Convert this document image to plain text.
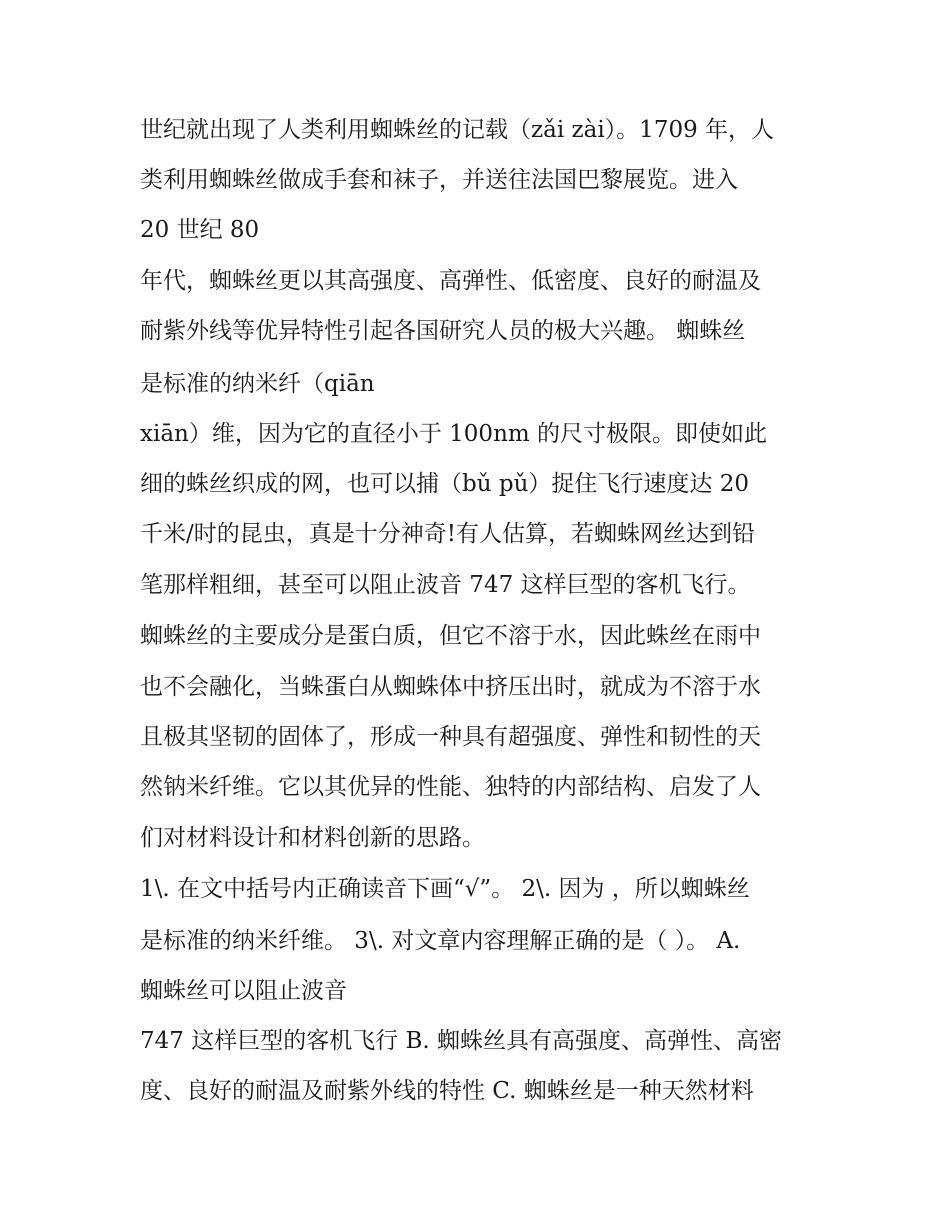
世纪就出现了人类利用蜘蛛丝的记载（zǎi zài）。1709 年，人
类利用蜘蛛丝做成手套和袜子，并送往法国巴黎展览。进入
20 世纪 80
年代，蜘蛛丝更以其高强度、高弹性、低密度、良好的耐温及
耐紫外线等优异特性引起各国研究人员的极大兴趣。 蜘蛛丝
是标准的纳米纤（qiān
xiān）维，因为它的直径小于 100nm 的尺寸极限。即使如此
细的蛛丝织成的网，也可以捕（bǔ pǔ）捉住飞行速度达 20
千米/时的昆虫，真是十分神奇!有人估算，若蜘蛛网丝达到铅
笔那样粗细，甚至可以阻止波音 747 这样巨型的客机飞行。
蜘蛛丝的主要成分是蛋白质，但它不溶于水，因此蛛丝在雨中
也不会融化，当蛛蛋白从蜘蛛体中挤压出时，就成为不溶于水
且极其坚韧的固体了，形成一种具有超强度、弹性和韧性的天
然钠米纤维。它以其优异的性能、独特的内部结构、启发了人
们对材料设计和材料创新的思路。
1\. 在文中括号内正确读音下画“√”。 2\. 因为 ，所以蜘蛛丝
是标准的纳米纤维。 3\. 对文章内容理解正确的是（ ）。 A.
蜘蛛丝可以阻止波音
747 这样巨型的客机飞行 B. 蜘蛛丝具有高强度、高弹性、高密
度、良好的耐温及耐紫外线的特性 C. 蜘蛛丝是一种天然材料
